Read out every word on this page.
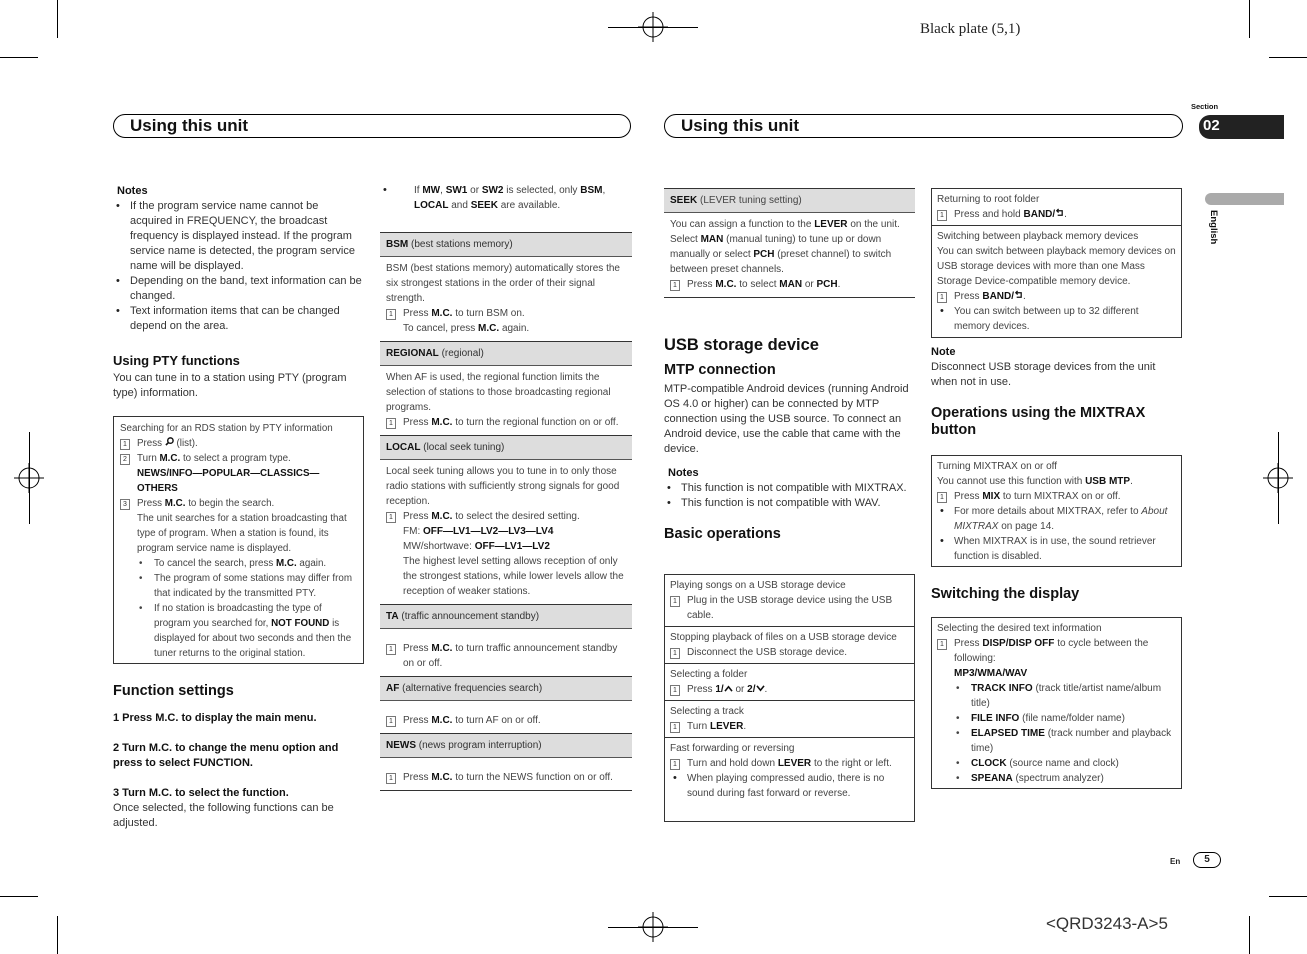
Black plate (5,1)
Using this unit	Using this unit
Section
02
English

Notes

• If the program service name cannot be acquired in FREQUENCY, the broadcast frequency is displayed instead. If the program service name is detected, the program service name will be displayed.

• Depending on the band, text information can be changed.

• Text information items that can be changed depend on the area.

Using PTY functions

You can tune in to a station using PTY (program type) information.

Searching for an RDS station by PTY information
1	Press (list).
2	Turn M.C. to select a program type.
NEWS/INFO—POPULAR—CLASSICS—OTHERS
3	Press M.C. to begin the search.
The unit searches for a station broadcasting that type of program. When a station is found, its program service name is displayed.
• To cancel the search, press M.C. again.
• The program of some stations may differ from that indicated by the transmitted PTY.
• If no station is broadcasting the type of program you searched for, NOT FOUND is displayed for about two seconds and then the tuner returns to the original station.

Function settings

1 Press M.C. to display the main menu.

2 Turn M.C. to change the menu option and press to select FUNCTION.

3 Turn M.C. to select the function.

Once selected, the following functions can be adjusted.

• If MW, SW1 or SW2 is selected, only BSM, LOCAL and SEEK are available.
BSM (best stations memory)
BSM (best stations memory) automatically stores the six strongest stations in the order of their signal strength.
1	Press M.C. to turn BSM on.
To cancel, press M.C. again.
REGIONAL (regional)
When AF is used, the regional function limits the selection of stations to those broadcasting regional programs.
1	Press M.C. to turn the regional function on or off.
LOCAL (local seek tuning)
Local seek tuning allows you to tune in to only those radio stations with sufficiently strong signals for good reception.
1	Press M.C. to select the desired setting.
FM: OFF—LV1—LV2—LV3—LV4
MW/shortwave: OFF—LV1—LV2
The highest level setting allows reception of only the strongest stations, while lower levels allow the reception of weaker stations.
TA (traffic announcement standby)
1	Press M.C. to turn traffic announcement standby on or off.
AF (alternative frequencies search)
1	Press M.C. to turn AF on or off.
NEWS (news program interruption)
1	Press M.C. to turn the NEWS function on or off.
SEEK (LEVER tuning setting)
You can assign a function to the LEVER on the unit.
Select MAN (manual tuning) to tune up or down manually or select PCH (preset channel) to switch between preset channels.
1	Press M.C. to select MAN or PCH.

USB storage device

MTP connection

MTP-compatible Android devices (running Android OS 4.0 or higher) can be connected by MTP connection using the USB source. To connect an Android device, use the cable that came with the device.

Notes

• This function is not compatible with MIXTRAX.

• This function is not compatible with WAV.

Basic operations

Playing songs on a USB storage device
1	Plug in the USB storage device using the USB cable.
Stopping playback of files on a USB storage device
1	Disconnect the USB storage device.
Selecting a folder
1	Press 1/ or 2/ .
Selecting a track
1	Turn LEVER.
Fast forwarding or reversing
1	Turn and hold down LEVER to the right or left.
• When playing compressed audio, there is no sound during fast forward or reverse.
Returning to root folder
1	Press and hold BAND/ .
Switching between playback memory devices
You can switch between playback memory devices on USB storage devices with more than one Mass Storage Device-compatible memory device.
1	Press BAND/ .
• You can switch between up to 32 different memory devices.

Note

Disconnect USB storage devices from the unit when not in use.

Operations using the MIXTRAX button

Turning MIXTRAX on or off
You cannot use this function with USB MTP.
1	Press MIX to turn MIXTRAX on or off.
• For more details about MIXTRAX, refer to About MIXTRAX on page 14.
• When MIXTRAX is in use, the sound retriever function is disabled.

Switching the display

Selecting the desired text information
1	Press DISP/DISP OFF to cycle between the following:
MP3/WMA/WAV
• TRACK INFO (track title/artist name/album title)
• FILE INFO (file name/folder name)
• ELAPSED TIME (track number and playback time)
• CLOCK (source name and clock)
• SPEANA (spectrum analyzer)
En	5
<QRD3243-A>5
